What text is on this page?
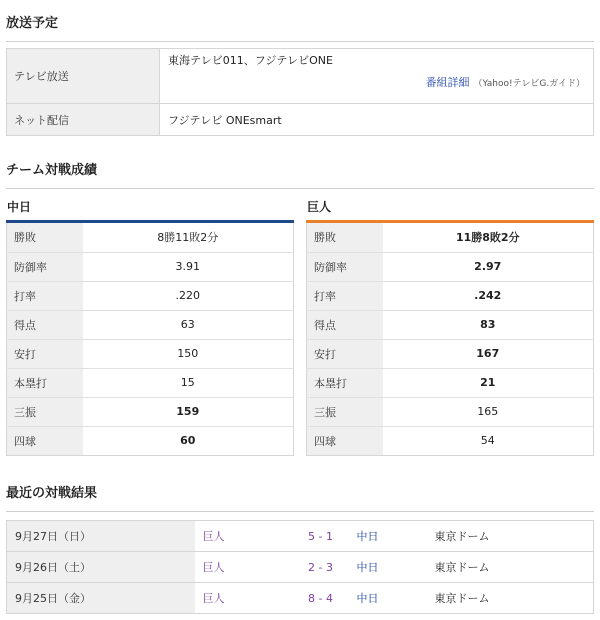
放送予定
テレビ放送	東海テレビ011、フジテレビONE
番組詳細 （Yahoo!テレビG.ガイド）

ネット配信	フジテレビ ONEsmart
チーム対戦成績
中日
勝敗	8勝11敗2分
防御率	3.91
打率	.220
得点	63
安打	150
本塁打	15
三振	159
四球	60
巨人
勝敗	11勝8敗2分
防御率	2.97
打率	.242
得点	83
安打	167
本塁打	21
三振	165
四球	54
最近の対戦結果
9月27日（日）	巨人	5 - 1	中日	東京ドーム
9月26日（土）	巨人	2 - 3	中日	東京ドーム
9月25日（金）	巨人	8 - 4	中日	東京ドーム
